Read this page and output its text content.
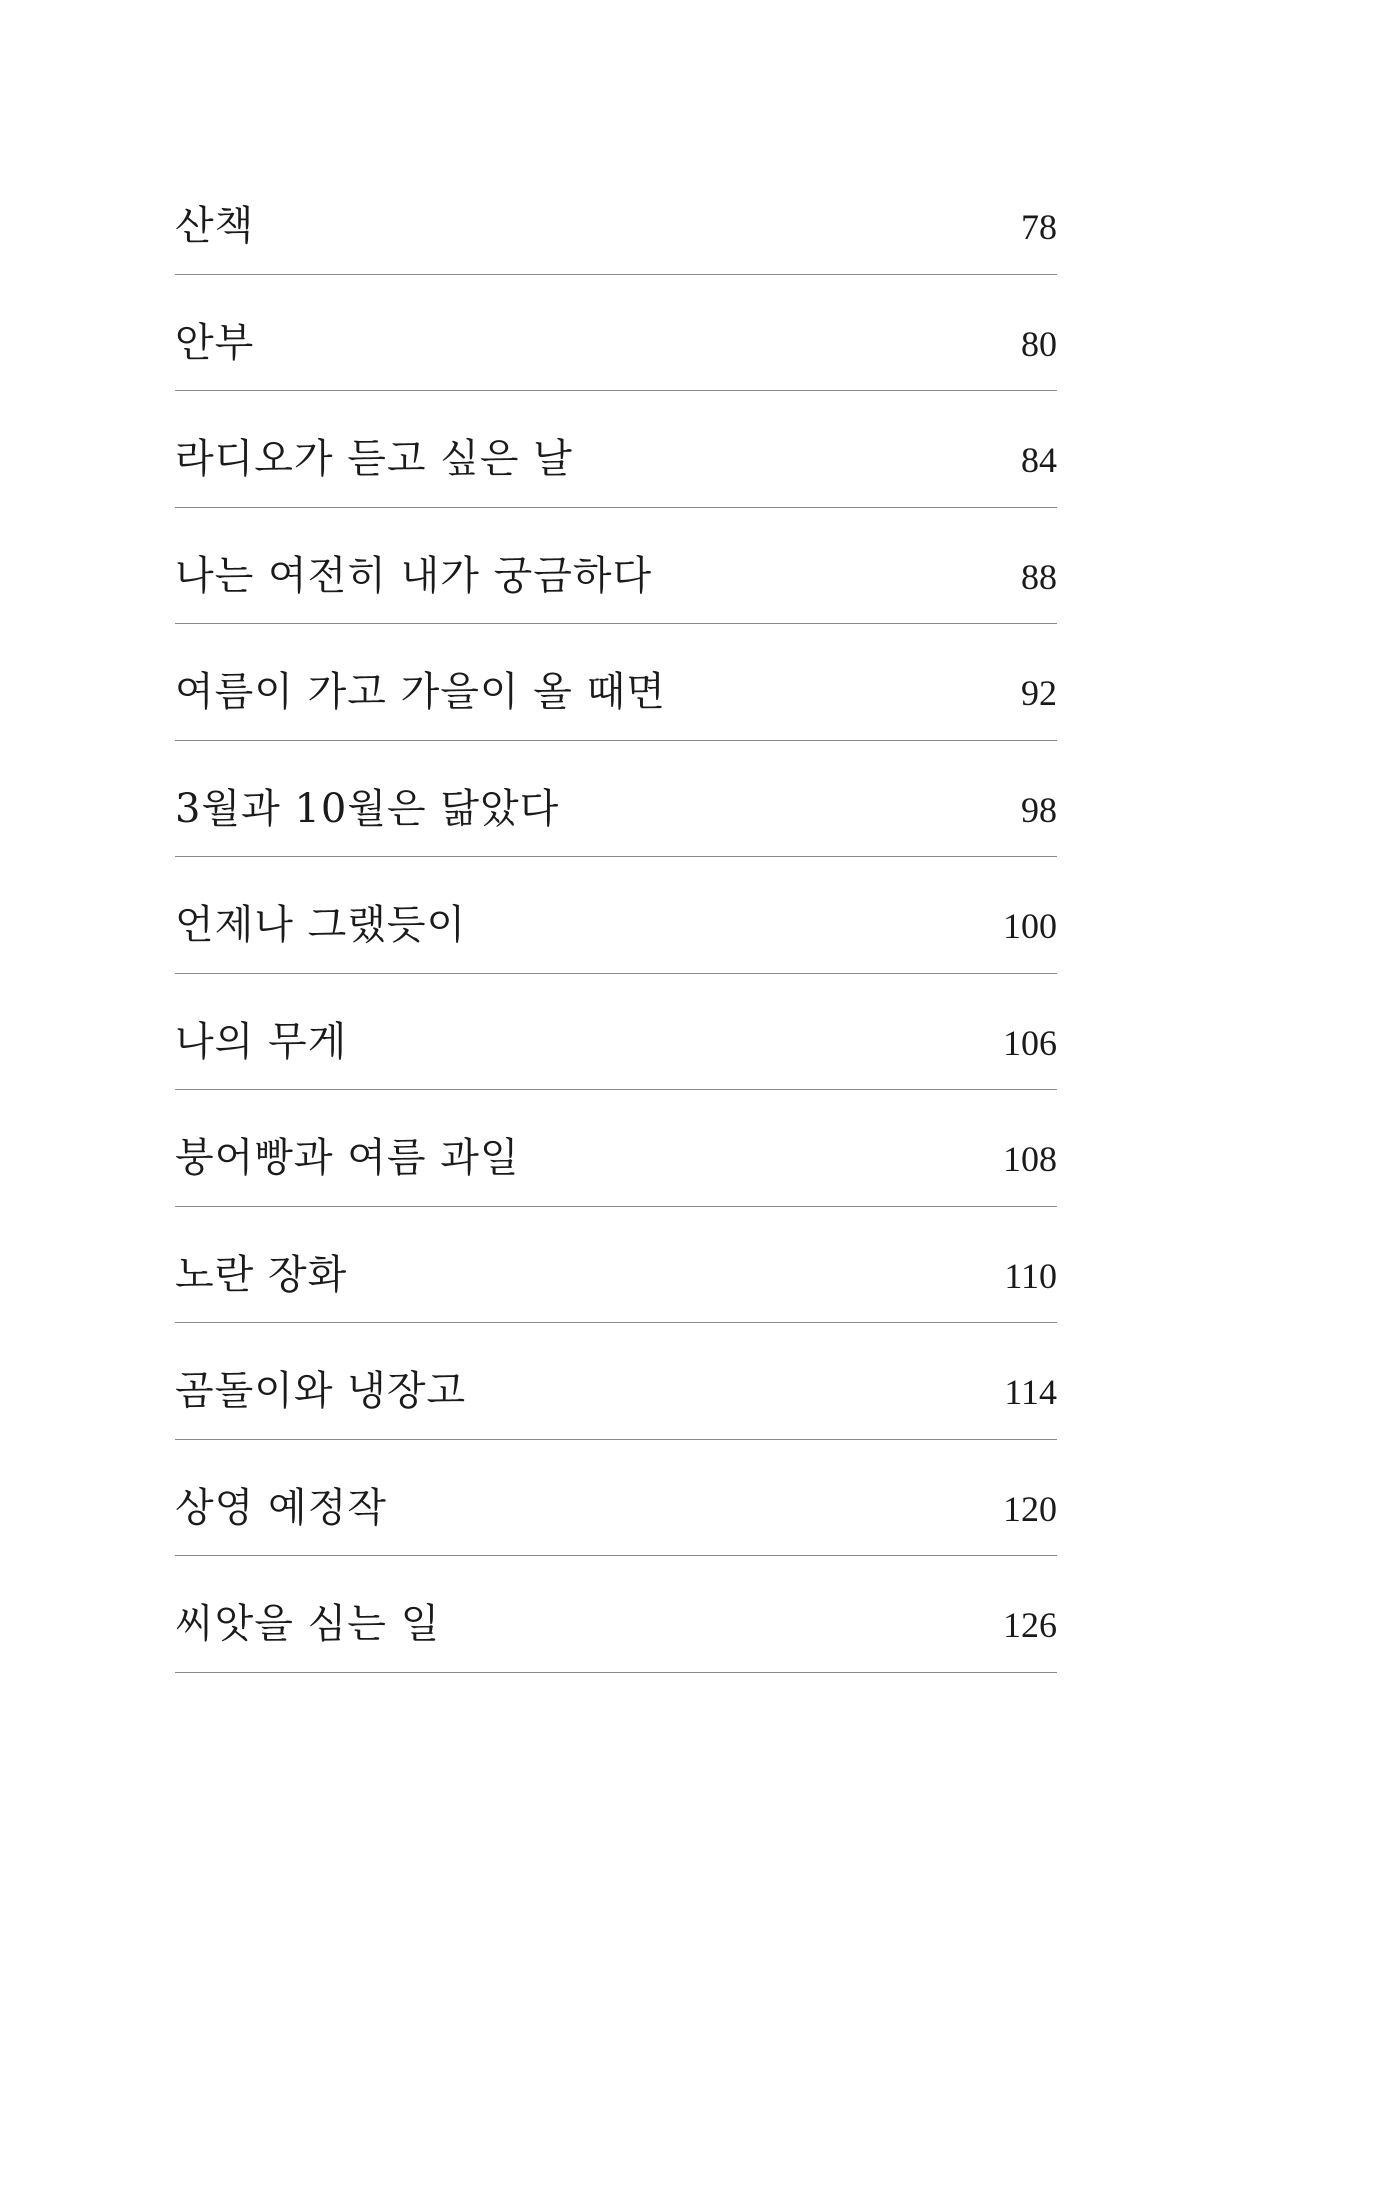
산책	78
안부	80
라디오가 듣고 싶은 날	84
나는 여전히 내가 궁금하다	88
여름이 가고 가을이 올 때면	92
3월과 10월은 닮았다	98
언제나 그랬듯이	100
나의 무게	106
붕어빵과 여름 과일	108
노란 장화	110
곰돌이와 냉장고	114
상영 예정작	120
씨앗을 심는 일	126
